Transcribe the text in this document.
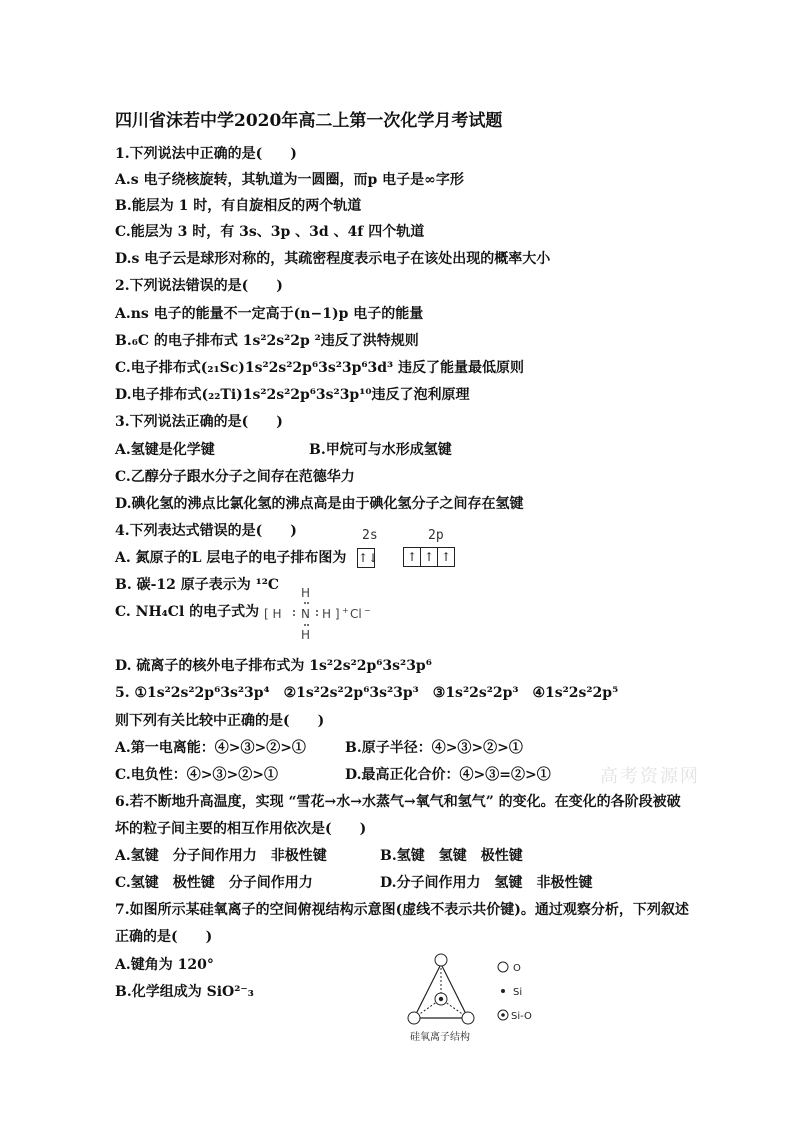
四川省沫若中学2020年高二上第一次化学月考试题
1.下列说法中正确的是(　　)
A.s 电子绕核旋转，其轨道为一圆圈，而p 电子是∞字形
B.能层为 1 时，有自旋相反的两个轨道
C.能层为 3 时，有 3s、3p 、3d 、4f 四个轨道
D.s 电子云是球形对称的，其疏密程度表示电子在该处出现的概率大小
2.下列说法错误的是(　　)
A.ns 电子的能量不一定高于(n−1)p 电子的能量
B.₆C 的电子排布式 1s²2s²2p ²违反了洪特规则
C.电子排布式(₂₁Sc)1s²2s²2p⁶3s²3p⁶3d³ 违反了能量最低原则
D.电子排布式(₂₂Ti)1s²2s²2p⁶3s²3p¹⁰违反了泡利原理
3.下列说法正确的是(　　)
A.氢键是化学键	B.甲烷可与水形成氢键
C.乙醇分子跟水分子之间存在范德华力
D.碘化氢的沸点比氯化氢的沸点高是由于碘化氢分子之间存在氢键
4.下列表达式错误的是(　　)	2s	2p
A. 氮原子的L 层电子的电子排布图为 ↑↓	↑ ↑ ↑
B. 碳-12 原子表示为 ¹²C
C. NH₄Cl 的电子式为
H
[ H N H ] + Cl −
H
D. 硫离子的核外电子排布式为 1s²2s²2p⁶3s²3p⁶
5. ①1s²2s²2p⁶3s²3p⁴　②1s²2s²2p⁶3s²3p³　③1s²2s²2p³　④1s²2s²2p⁵
则下列有关比较中正确的是(　　)
A.第一电离能：④>③>②>①	B.原子半径：④>③>②>①
C.电负性：④>③>②>①	D.最高正化合价：④>③=②>①	高考资源网
6.若不断地升高温度，实现 “雪花→水→水蒸气→氧气和氢气” 的变化。在变化的各阶段被破
坏的粒子间主要的相互作用依次是(　　)
A.氢键　分子间作用力　非极性键	B.氢键　氢键　极性键
C.氢键　极性键　分子间作用力	D.分子间作用力　氢键　非极性键
7.如图所示某硅氧离子的空间俯视结构示意图(虚线不表示共价键)。通过观察分析，下列叙述
正确的是(　　)
A.键角为 120°
B.化学组成为 SiO²⁻₃
O
Si
Si-O
硅氧离子结构
